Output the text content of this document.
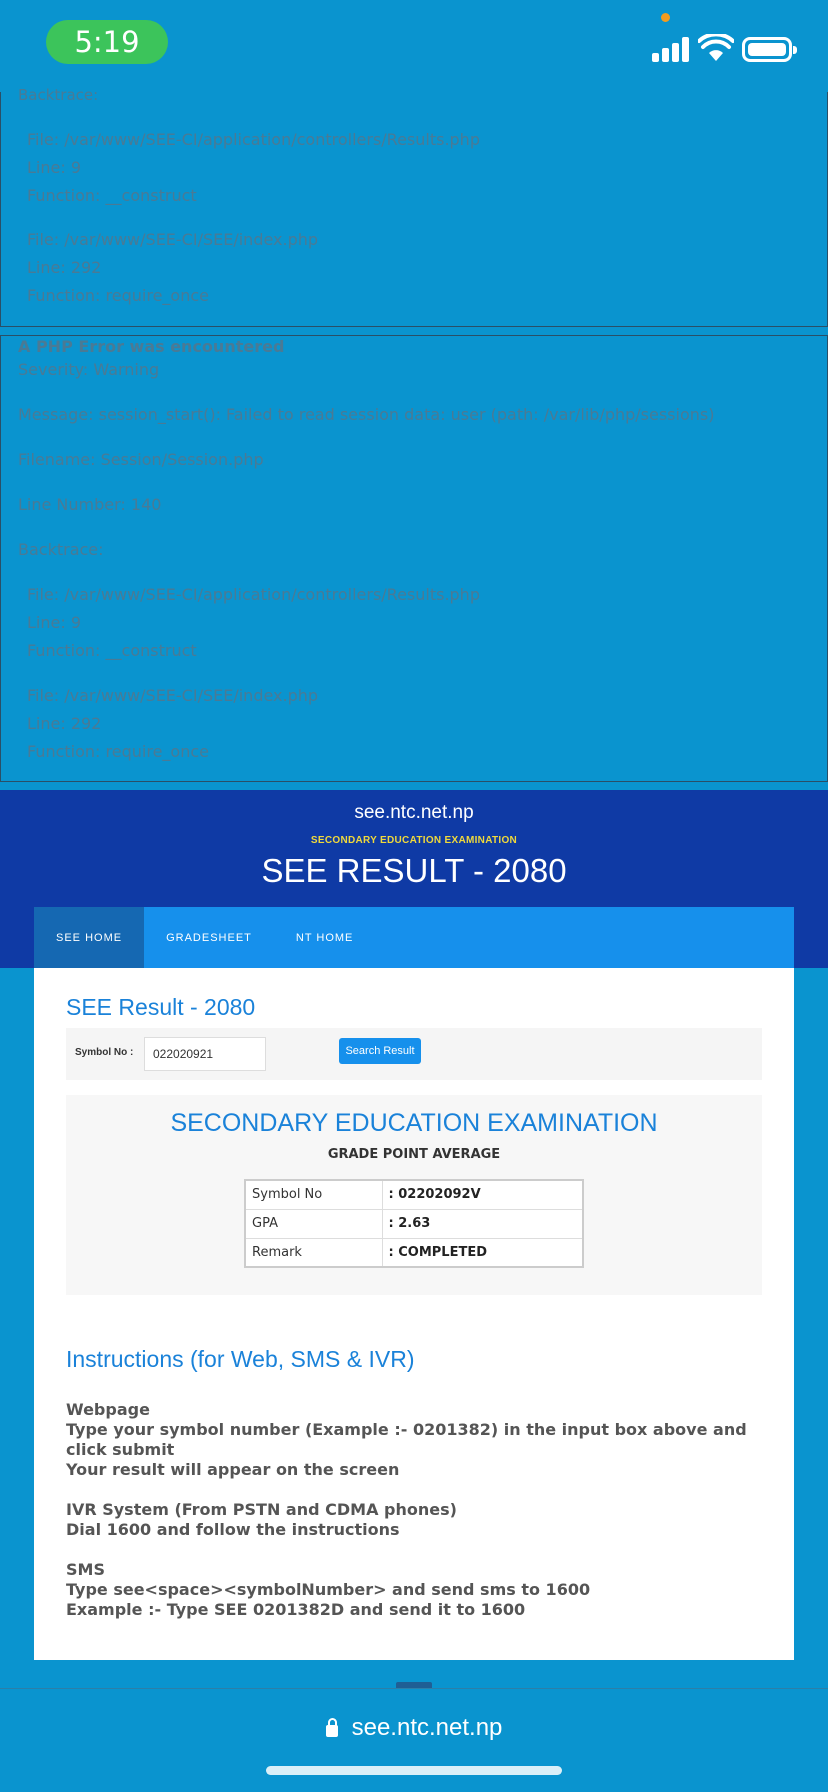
5:19

Backtrace:

File: /var/www/SEE-CI/application/controllers/Results.php

Line: 9

Function: __construct

File: /var/www/SEE-CI/SEE/index.php

Line: 292

Function: require_once

A PHP Error was encountered

Severity: Warning

Message: session_start(): Failed to read session data: user (path: /var/lib/php/sessions)

Filename: Session/Session.php

Line Number: 140

Backtrace:

File: /var/www/SEE-CI/application/controllers/Results.php

Line: 9

Function: __construct

File: /var/www/SEE-CI/SEE/index.php

Line: 292

Function: require_once

see.ntc.net.np
SECONDARY EDUCATION EXAMINATION
SEE RESULT - 2080
SEE HOME	GRADESHEET	NT HOME
SEE Result - 2080
Symbol No :
022020921	Search Result
SECONDARY EDUCATION EXAMINATION
GRADE POINT AVERAGE
Symbol No	: 02202092V
GPA	: 2.63
Remark	: COMPLETED
Instructions (for Web, SMS & IVR)
Webpage
Type your symbol number (Example :- 0201382) in the input box above and click submit
Your result will appear on the screen
IVR System (From PSTN and CDMA phones)
Dial 1600 and follow the instructions
SMS
Type see<space><symbolNumber> and send sms to 1600
Example :- Type SEE 0201382D and send it to 1600
see.ntc.net.np
